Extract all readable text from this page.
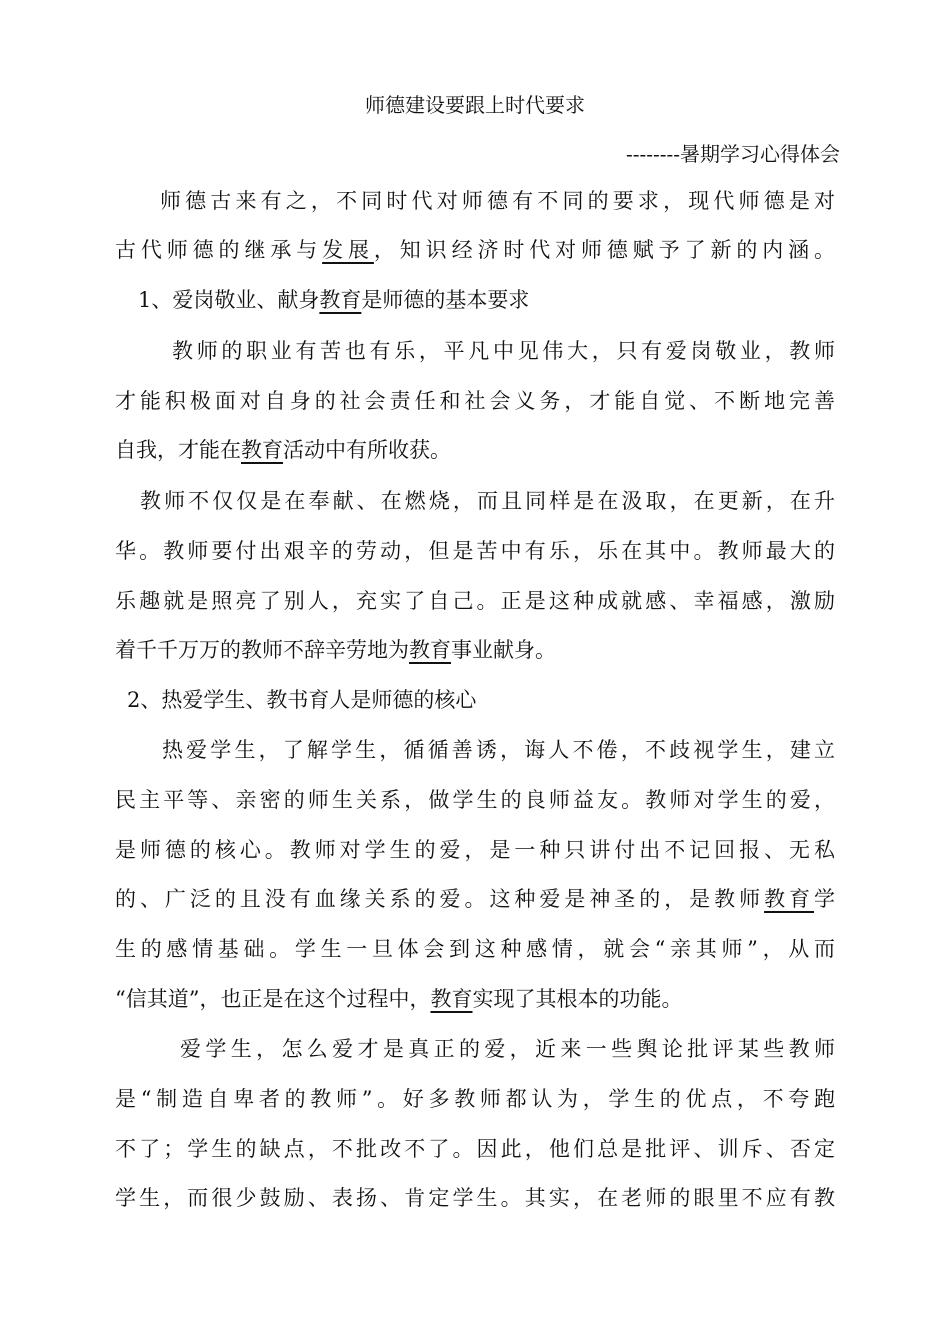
师德建设要跟上时代要求
--------暑期学习心得体会
师德古来有之，不同时代对师德有不同的要求，现代师德是对
古代师德的继承与发展，知识经济时代对师德赋予了新的内涵。
1、爱岗敬业、献身教育是师德的基本要求
教师的职业有苦也有乐，平凡中见伟大，只有爱岗敬业，教师
才能积极面对自身的社会责任和社会义务，才能自觉、不断地完善
自我，才能在教育活动中有所收获。
教师不仅仅是在奉献、在燃烧，而且同样是在汲取，在更新，在升
华。教师要付出艰辛的劳动，但是苦中有乐，乐在其中。教师最大的
乐趣就是照亮了别人，充实了自己。正是这种成就感、幸福感，激励
着千千万万的教师不辞辛劳地为教育事业献身。
2、热爱学生、教书育人是师德的核心
热爱学生，了解学生，循循善诱，诲人不倦，不歧视学生，建立
民主平等、亲密的师生关系，做学生的良师益友。教师对学生的爱，
是师德的核心。教师对学生的爱，是一种只讲付出不记回报、无私
的、广泛的且没有血缘关系的爱。这种爱是神圣的，是教师教育学
生的感情基础。学生一旦体会到这种感情，就会“亲其师”，从而
“信其道”，也正是在这个过程中，教育实现了其根本的功能。
爱学生，怎么爱才是真正的爱，近来一些舆论批评某些教师
是“制造自卑者的教师”。好多教师都认为，学生的优点，不夸跑
不了；学生的缺点，不批改不了。因此，他们总是批评、训斥、否定
学生，而很少鼓励、表扬、肯定学生。其实，在老师的眼里不应有教
